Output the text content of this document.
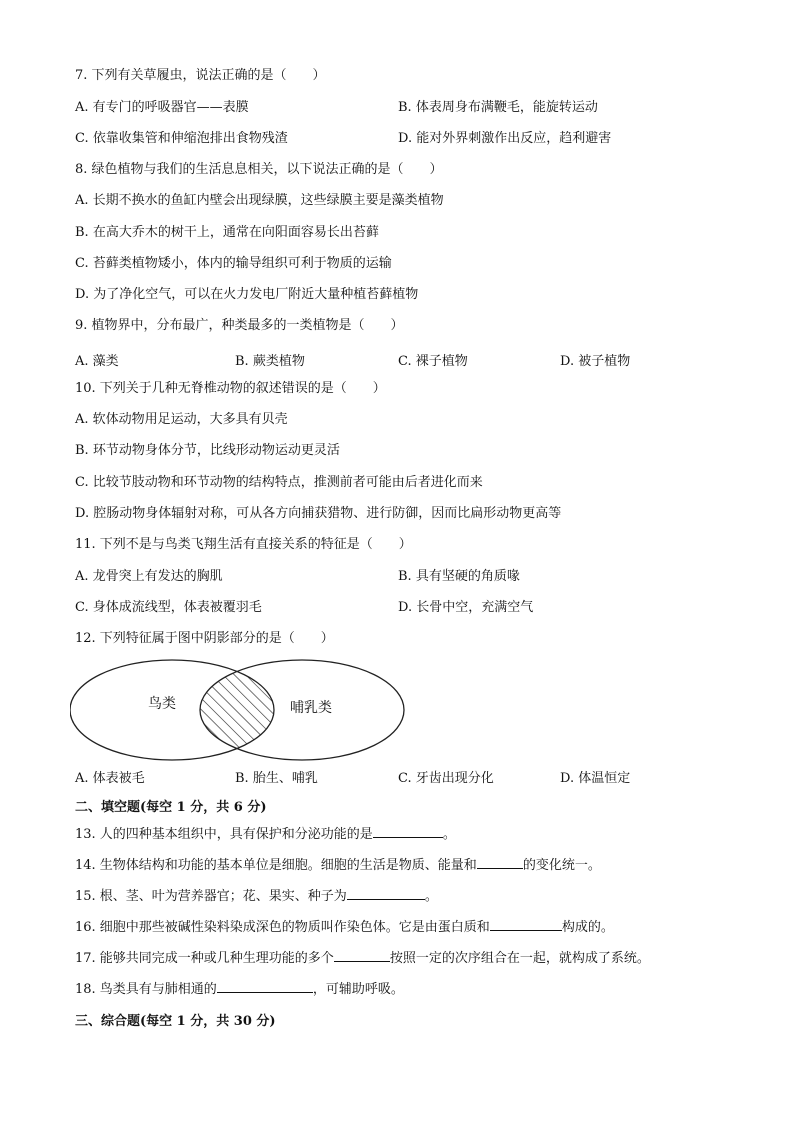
7. 下列有关草履虫，说法正确的是（　　）
A. 有专门的呼吸器官——表膜	B. 体表周身布满鞭毛，能旋转运动
C. 依靠收集管和伸缩泡排出食物残渣	D. 能对外界刺激作出反应，趋利避害
8. 绿色植物与我们的生活息息相关，以下说法正确的是（　　）
A. 长期不换水的鱼缸内壁会出现绿膜，这些绿膜主要是藻类植物
B. 在高大乔木的树干上，通常在向阳面容易长出苔藓
C. 苔藓类植物矮小，体内的输导组织可利于物质的运输
D. 为了净化空气，可以在火力发电厂附近大量种植苔藓植物
9. 植物界中，分布最广，种类最多的一类植物是（　　）
A. 藻类	B. 蕨类植物	C. 裸子植物	D. 被子植物
10. 下列关于几种无脊椎动物的叙述错误的是（　　）
A. 软体动物用足运动，大多具有贝壳
B. 环节动物身体分节，比线形动物运动更灵活
C. 比较节肢动物和环节动物的结构特点，推测前者可能由后者进化而来
D. 腔肠动物身体辐射对称，可从各方向捕获猎物、进行防御，因而比扁形动物更高等
11. 下列不是与鸟类飞翔生活有直接关系的特征是（　　）
A. 龙骨突上有发达的胸肌	B. 具有坚硬的角质喙
C. 身体成流线型，体表被覆羽毛	D. 长骨中空，充满空气
12. 下列特征属于图中阴影部分的是（　　）
鸟类	哺乳类
A. 体表被毛	B. 胎生、哺乳	C. 牙齿出现分化	D. 体温恒定
二、填空题(每空 1 分，共 6 分)
13. 人的四种基本组织中，具有保护和分泌功能的是	。
14. 生物体结构和功能的基本单位是细胞。细胞的生活是物质、能量和	的变化统一。
15. 根、茎、叶为营养器官；花、果实、种子为	。
16. 细胞中那些被碱性染料染成深色的物质叫作染色体。它是由蛋白质和	构成的。
17. 能够共同完成一种或几种生理功能的多个	按照一定的次序组合在一起，就构成了系统。
18. 鸟类具有与肺相通的	，可辅助呼吸。
三、综合题(每空 1 分，共 30 分)
